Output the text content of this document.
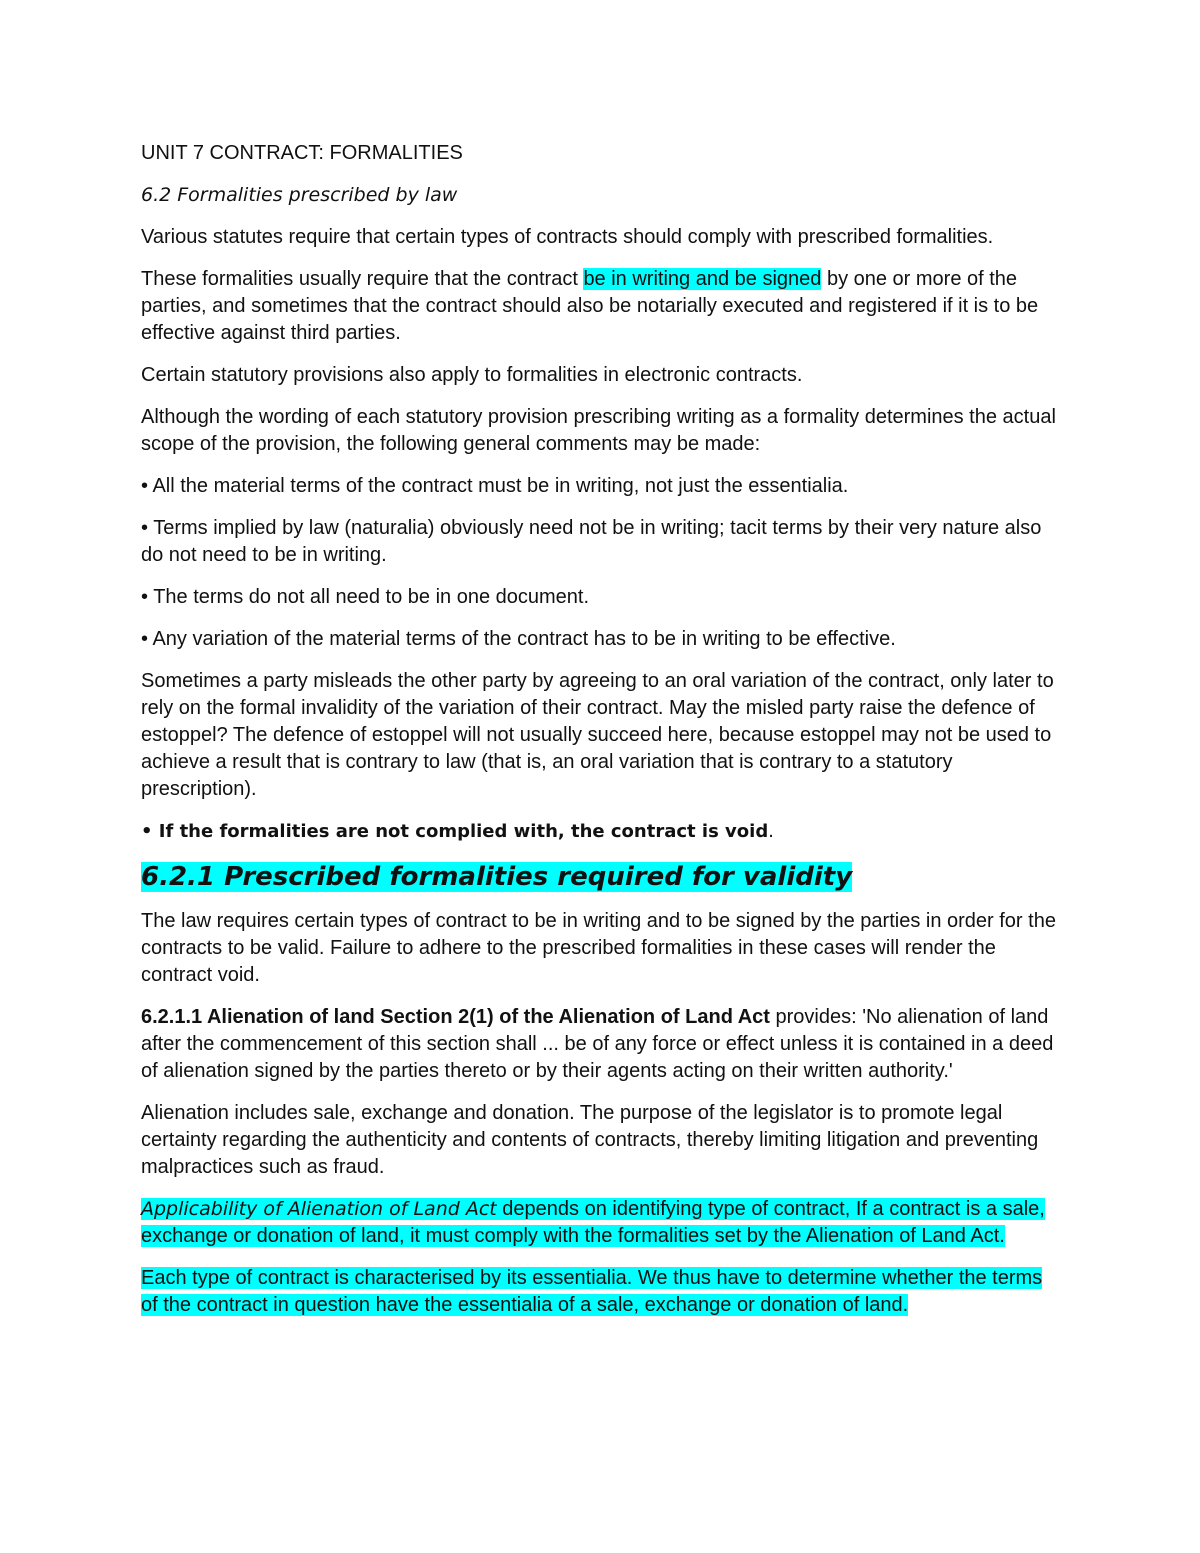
UNIT 7 CONTRACT: FORMALITIES

6.2 Formalities prescribed by law

Various statutes require that certain types of contracts should comply with prescribed formalities.

These formalities usually require that the contract be in writing and be signed by one or more of the parties, and sometimes that the contract should also be notarially executed and registered if it is to be effective against third parties.

Certain statutory provisions also apply to formalities in electronic contracts.

Although the wording of each statutory provision prescribing writing as a formality determines the actual scope of the provision, the following general comments may be made:

• All the material terms of the contract must be in writing, not just the essentialia.

• Terms implied by law (naturalia) obviously need not be in writing; tacit terms by their very nature also do not need to be in writing.

• The terms do not all need to be in one document.

• Any variation of the material terms of the contract has to be in writing to be effective.

Sometimes a party misleads the other party by agreeing to an oral variation of the contract, only later to rely on the formal invalidity of the variation of their contract. May the misled party raise the defence of estoppel? The defence of estoppel will not usually succeed here, because estoppel may not be used to achieve a result that is contrary to law (that is, an oral variation that is contrary to a statutory prescription).

• If the formalities are not complied with, the contract is void.

6.2.1 Prescribed formalities required for validity

The law requires certain types of contract to be in writing and to be signed by the parties in order for the contracts to be valid. Failure to adhere to the prescribed formalities in these cases will render the contract void.

6.2.1.1 Alienation of land Section 2(1) of the Alienation of Land Act provides: 'No alienation of land after the commencement of this section shall ... be of any force or effect unless it is contained in a deed of alienation signed by the parties thereto or by their agents acting on their written authority.'

Alienation includes sale, exchange and donation. The purpose of the legislator is to promote legal certainty regarding the authenticity and contents of contracts, thereby limiting litigation and preventing malpractices such as fraud.

Applicability of Alienation of Land Act depends on identifying type of contract, If a contract is a sale, exchange or donation of land, it must comply with the formalities set by the Alienation of Land Act.

Each type of contract is characterised by its essentialia. We thus have to determine whether the terms of the contract in question have the essentialia of a sale, exchange or donation of land.
